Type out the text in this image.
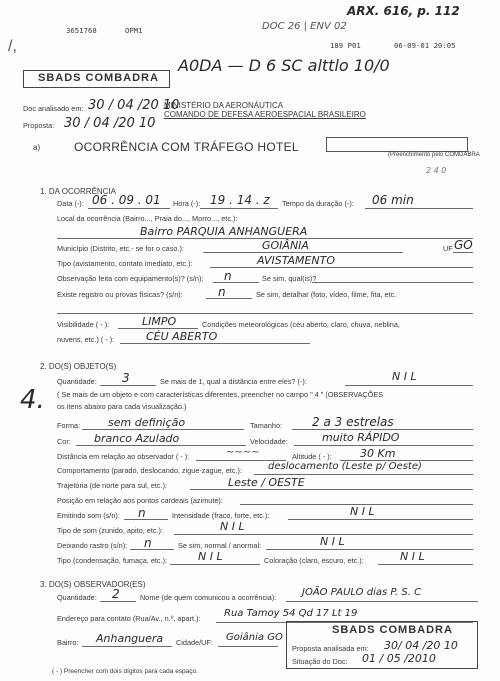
ARX. 616, p. 112
DOC 26 | ENV 02
/,
3651768	OPM1
189 P01	06-09-01 20:05
A0DA — D 6 SC alttlo 10/0
SBADS COMBADRA
Doc analisado em: 30 / 04 /20 10
Proposta: 30 / 04 /20 10
MINISTÉRIO DA AERONÁUTICA
COMANDO DE DEFESA AEROESPACIAL BRASILEIRO
a)	OCORRÊNCIA COM TRÁFEGO HOTEL
(Preenchimento pelo COMDABRA
2 4 0
1. DA OCORRÊNCIA
Data (-): 06 . 09 . 01 Hora (-): 19 . 14 . z Tempo da duração (-): 06 min
Local da ocorrência (Bairro..., Praia do..., Morro..., etc.):
Bairro PARQUIA ANHANGUERA
Município (Distrito, etc.- se for o caso.):	GOIÂNIA	UF GO
Tipo (avistamento, contato imediato, etc.):	AVISTAMENTO
Observação feita com equipamento(s)? (s/n): n	Se sim, qual(is)?
Existe registro ou provas físicas? (s/n):	n	Se sim, detalhar (foto, vídeo, filme, fita, etc.
Visibilidade ( - ):	LIMPO	Condições meteorológicas (céu aberto, claro, chuva, neblina,
nuvens, etc.) ( - ):	CÉU ABERTO
2. DO(S) OBJETO(S)
4.
Quantidade: 3	Se mais de 1, qual a distância entre eles? (-):	N I L
( Se mais de um objeto e com características diferentes, preencher no campo " 4 " (OBSERVAÇÕES
os itens abaixo para cada visualização.)
Forma:	sem definição	Tamanho: 2 a 3 estrelas
Cor: branco Azulado	Velocidade:	muito RÁPIDO
Distância em relação ao observador ( - ):	~~~~	Altitude ( - ):	30 Km
Comportamento (parado, deslocando, zigue-zague, etc.):	deslocamento (Leste p/ Oeste)
Trajetória (de norte para sul, etc.):	Leste / OESTE
Posição em relação aos pontos cardeais (azimute):
Emitindo som (s/n): n	Intensidade (fraco, forte, etc.):	N I L
Tipo de som (zunido, apito, etc.):	N I L
Deixando rastro (s/n): n	Se sim, normal / anormal:	N I L
Tipo (condensação, fumaça, etc.):	N I L	Coloração (claro, escuro, etc.):	N I L
3. DO(S) OBSERVADOR(ES)
Quantidade: 2	Nome (de quem comunicou a ocorrência):	JOÃO PAULO dias P. S. C
Endereço para contato (Rua/Av., n.º, apart.): Rua Tamoy 54 Qd 17 Lt 19
Bairro: Anhanguera Cidade/UF: Goiânia GO
( - ) Preencher com dois dígitos para cada espaço.
SBADS COMBADRA
Proposta analisada em: 30/ 04 /20 10
Situação do Doc: 01 / 05 /2010
